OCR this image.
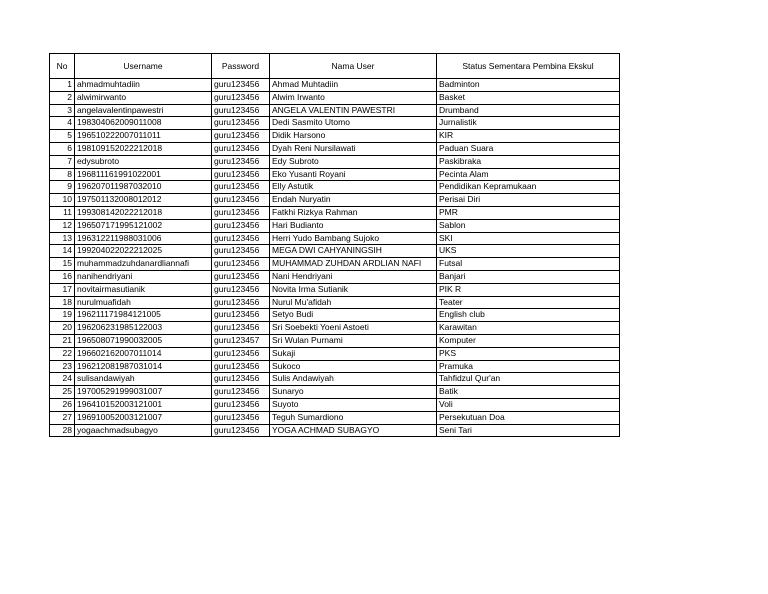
No	Username	Password	Nama User	Status Sementara Pembina Ekskul
1	ahmadmuhtadiin	guru123456	Ahmad Muhtadiin	Badminton
2	alwimirwanto	guru123456	Alwim Irwanto	Basket
3	angelavalentinpawestri	guru123456	ANGELA VALENTIN PAWESTRI	Drumband
4	198304062009011008	guru123456	Dedi Sasmito Utomo	Jurnalistik
5	196510222007011011	guru123456	Didik Harsono	KIR
6	198109152022212018	guru123456	Dyah Reni Nursilawati	Paduan Suara
7	edysubroto	guru123456	Edy Subroto	Paskibraka
8	196811161991022001	guru123456	Eko Yusanti Royani	Pecinta Alam
9	196207011987032010	guru123456	Elly Astutik	Pendidikan Kepramukaan
10	197501132008012012	guru123456	Endah Nuryatin	Perisai Diri
11	199308142022212018	guru123456	Fatkhi Rizkya Rahman	PMR
12	196507171995121002	guru123456	Hari Budianto	Sablon
13	196312211988031006	guru123456	Herri Yudo Bambang Sujoko	SKI
14	199204022022212025	guru123456	MEGA DWI CAHYANINGSIH	UKS
15	muhammadzuhdanardliannafi	guru123456	MUHAMMAD ZUHDAN ARDLIAN NAFI	Futsal
16	nanihendriyani	guru123456	Nani Hendriyani	Banjari
17	novitairmasutianik	guru123456	Novita Irma Sutianik	PIK R
18	nurulmuafidah	guru123456	Nurul Mu'afidah	Teater
19	196211171984121005	guru123456	Setyo Budi	English club
20	196206231985122003	guru123456	Sri Soebekti Yoeni Astoeti	Karawitan
21	196508071990032005	guru123457	Sri Wulan Purnami	Komputer
22	196602162007011014	guru123456	Sukaji	PKS
23	196212081987031014	guru123456	Sukoco	Pramuka
24	sulisandawiyah	guru123456	Sulis Andawiyah	Tahfidzul Qur'an
25	197005291999031007	guru123456	Sunaryo	Batik
26	196410152003121001	guru123456	Suyoto	Voli
27	196910052003121007	guru123456	Teguh Sumardiono	Persekutuan Doa
28	yogaachmadsubagyo	guru123456	YOGA ACHMAD SUBAGYO	Seni Tari
